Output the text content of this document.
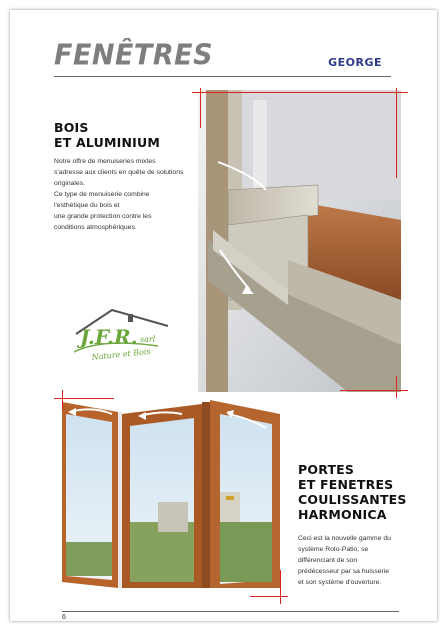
FENÊTRES	GEORGE
BOIS
ET ALUMINIUM
Notre offre de menuiseries mixtes
s'adresse aux clients en quête de solutions
originales.
Ce type de menuiserie combine
l'esthétique du bois et
une grande protection contre les
conditions atmosphériques.
J.F.R. sarl
Nature et Bois
PORTES
ET FENETRES
COULISSANTES
HARMONICA
Ceci est la nouvelle gamme du
système Roto-Patio, se
différenciant de son
prédécesseur par sa huisserie
et son système d'ouverture.
6
